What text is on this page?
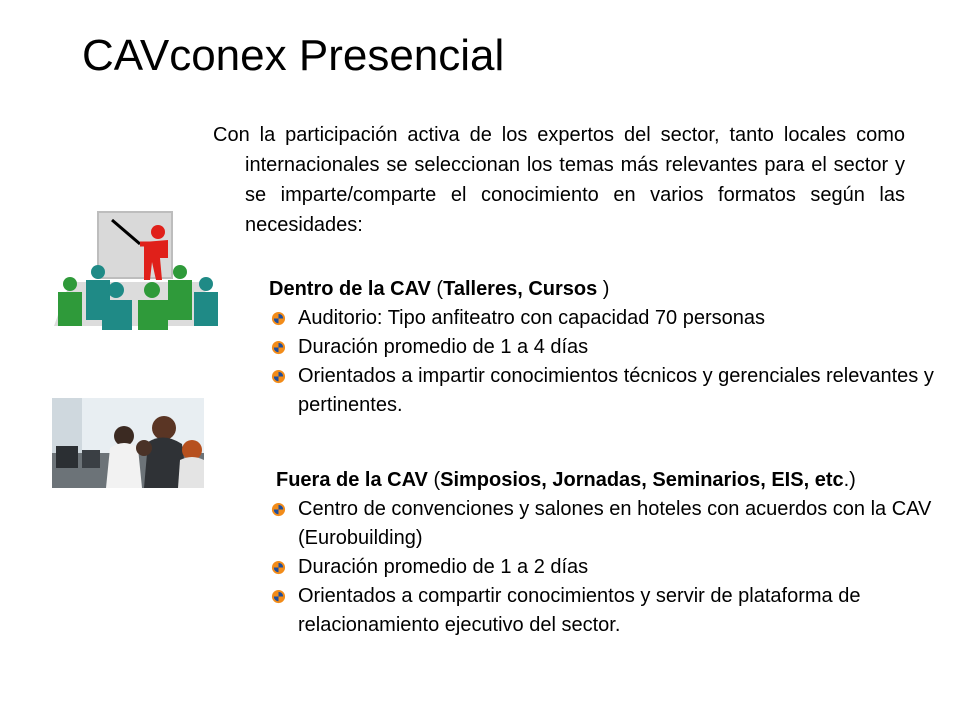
CAVconex Presencial
Con la participación activa de los expertos del sector, tanto locales como internacionales se seleccionan los temas más relevantes para el sector y se imparte/comparte el conocimiento en varios formatos según las necesidades:
Dentro de la CAV (Talleres, Cursos )
Auditorio: Tipo anfiteatro con capacidad 70 personas
Duración promedio de 1 a 4 días
Orientados a impartir conocimientos técnicos y gerenciales relevantes y pertinentes.
Fuera de la CAV (Simposios, Jornadas, Seminarios, EIS, etc.)
Centro de convenciones y salones en hoteles con acuerdos con la CAV (Eurobuilding)
Duración promedio de 1 a 2 días
Orientados a compartir conocimientos y servir de plataforma de relacionamiento ejecutivo del sector.
